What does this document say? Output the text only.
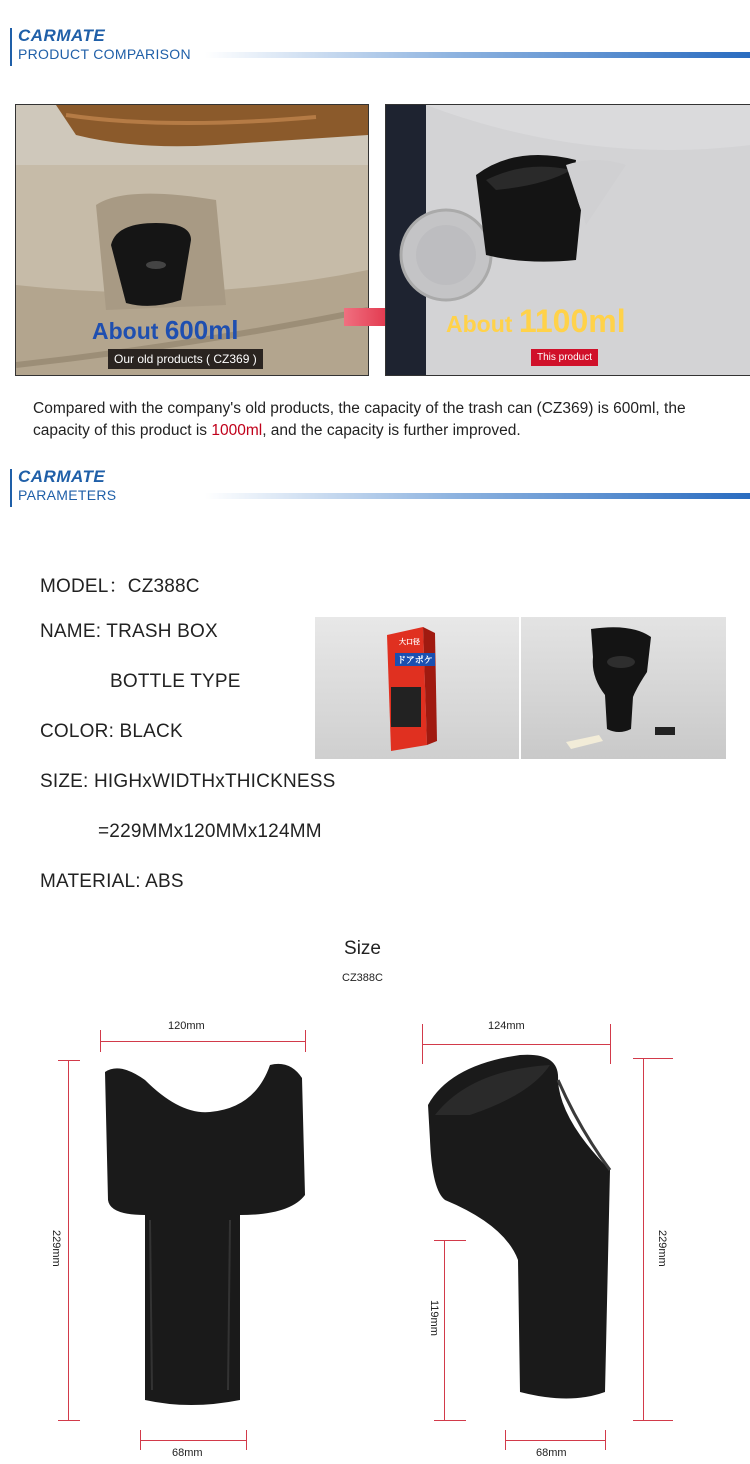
CARMATE
PRODUCT COMPARISON
About 600ml
Our old products ( CZ369 )
About 1100ml
This product
Compared with the company's old products, the capacity of the trash can (CZ369) is 600ml, the capacity of this product is 1000ml, and the capacity is further improved.
CARMATE
PARAMETERS
MODEL：CZ388C
NAME: TRASH BOX
BOTTLE TYPE
COLOR: BLACK
SIZE: HIGHxWIDTHxTHICKNESS
=229MMx120MMx124MM
MATERIAL: ABS
大口径
ドアポケ
Size
CZ388C
120mm
229mm
68mm
124mm
229mm
119mm
68mm
